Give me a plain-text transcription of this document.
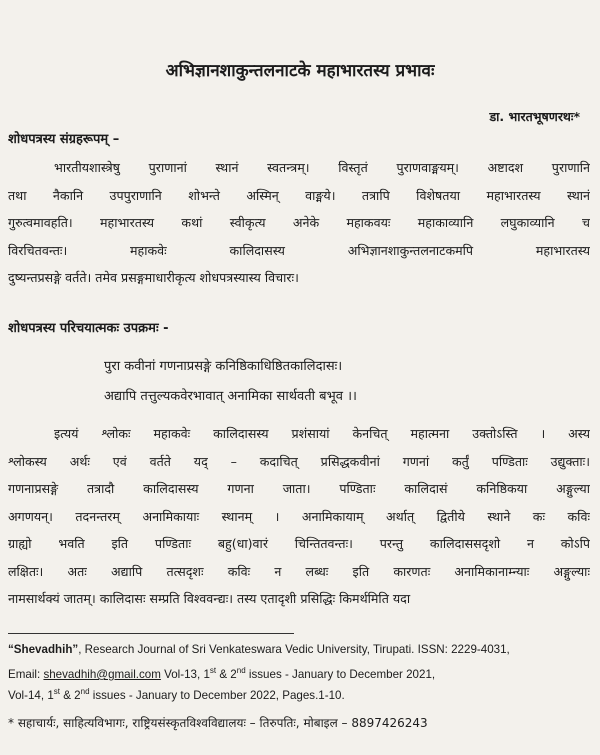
अभिज्ञानशाकुन्तलनाटके महाभारतस्य प्रभावः
डा. भारतभूषणरथः*
शोधपत्रस्य संग्रहरूपम् –
भारतीयशास्त्रेषु पुराणानां स्थानं स्वतन्त्रम्। विस्तृतं पुराणवाङ्मयम्। अष्टादश पुराणानि
तथा नैकानि उपपुराणानि शोभन्ते अस्मिन् वाङ्मये। तत्रापि विशेषतया महाभारतस्य स्थानं
गुरुत्वमावहति। महाभारतस्य कथां स्वीकृत्य अनेके महाकवयः महाकाव्यानि लघुकाव्यानि च
विरचितवन्तः। महाकवेः कालिदासस्य अभिज्ञानशाकुन्तलनाटकमपि महाभारतस्य
दुष्यन्तप्रसङ्गे वर्तते। तमेव प्रसङ्गमाधारीकृत्य शोधपत्रस्यास्य विचारः।
शोधपत्रस्य परिचयात्मकः उपक्रमः -
पुरा कवीनां गणनाप्रसङ्गे कनिष्ठिकाधिष्ठितकालिदासः।
अद्यापि तत्तुल्यकवेरभावात् अनामिका सार्थवती बभूव ।।
इत्ययं श्लोकः महाकवेः कालिदासस्य प्रशंसायां केनचित् महात्मना उक्तोऽस्ति । अस्य
श्लोकस्य अर्थः एवं वर्तते यद् – कदाचित् प्रसिद्धकवीनां गणनां कर्तुं पण्डिताः उद्युक्ताः।
गणनाप्रसङ्गे तत्रादौ कालिदासस्य गणना जाता। पण्डिताः कालिदासं कनिष्ठिकया अङ्गुल्या
अगणयन्। तदनन्तरम् अनामिकायाः स्थानम् । अनामिकायाम् अर्थात् द्वितीये स्थाने कः कविः
ग्राह्यो भवति इति पण्डिताः बहु(धा)वारं चिन्तितवन्तः। परन्तु कालिदाससदृशो न कोऽपि
लक्षितः। अतः अद्यापि तत्सदृशः कविः न लब्धः इति कारणतः अनामिकानाम्न्याः अङ्गुल्याः
नामसार्थक्यं जातम्। कालिदासः सम्प्रति विश्ववन्द्यः। तस्य एतादृशी प्रसिद्धिः किमर्थमिति यदा
“Shevadhih”, Research Journal of Sri Venkateswara Vedic University, Tirupati. ISSN: 2229-4031,
Email: shevadhih@gmail.com Vol-13, 1st & 2nd issues - January to December 2021,
Vol-14, 1st & 2nd issues - January to December 2022, Pages.1-10.
* सहाचार्यः, साहित्यविभागः, राष्ट्रियसंस्कृतविश्वविद्यालयः – तिरुपतिः, मोबाइल – 8897426243
